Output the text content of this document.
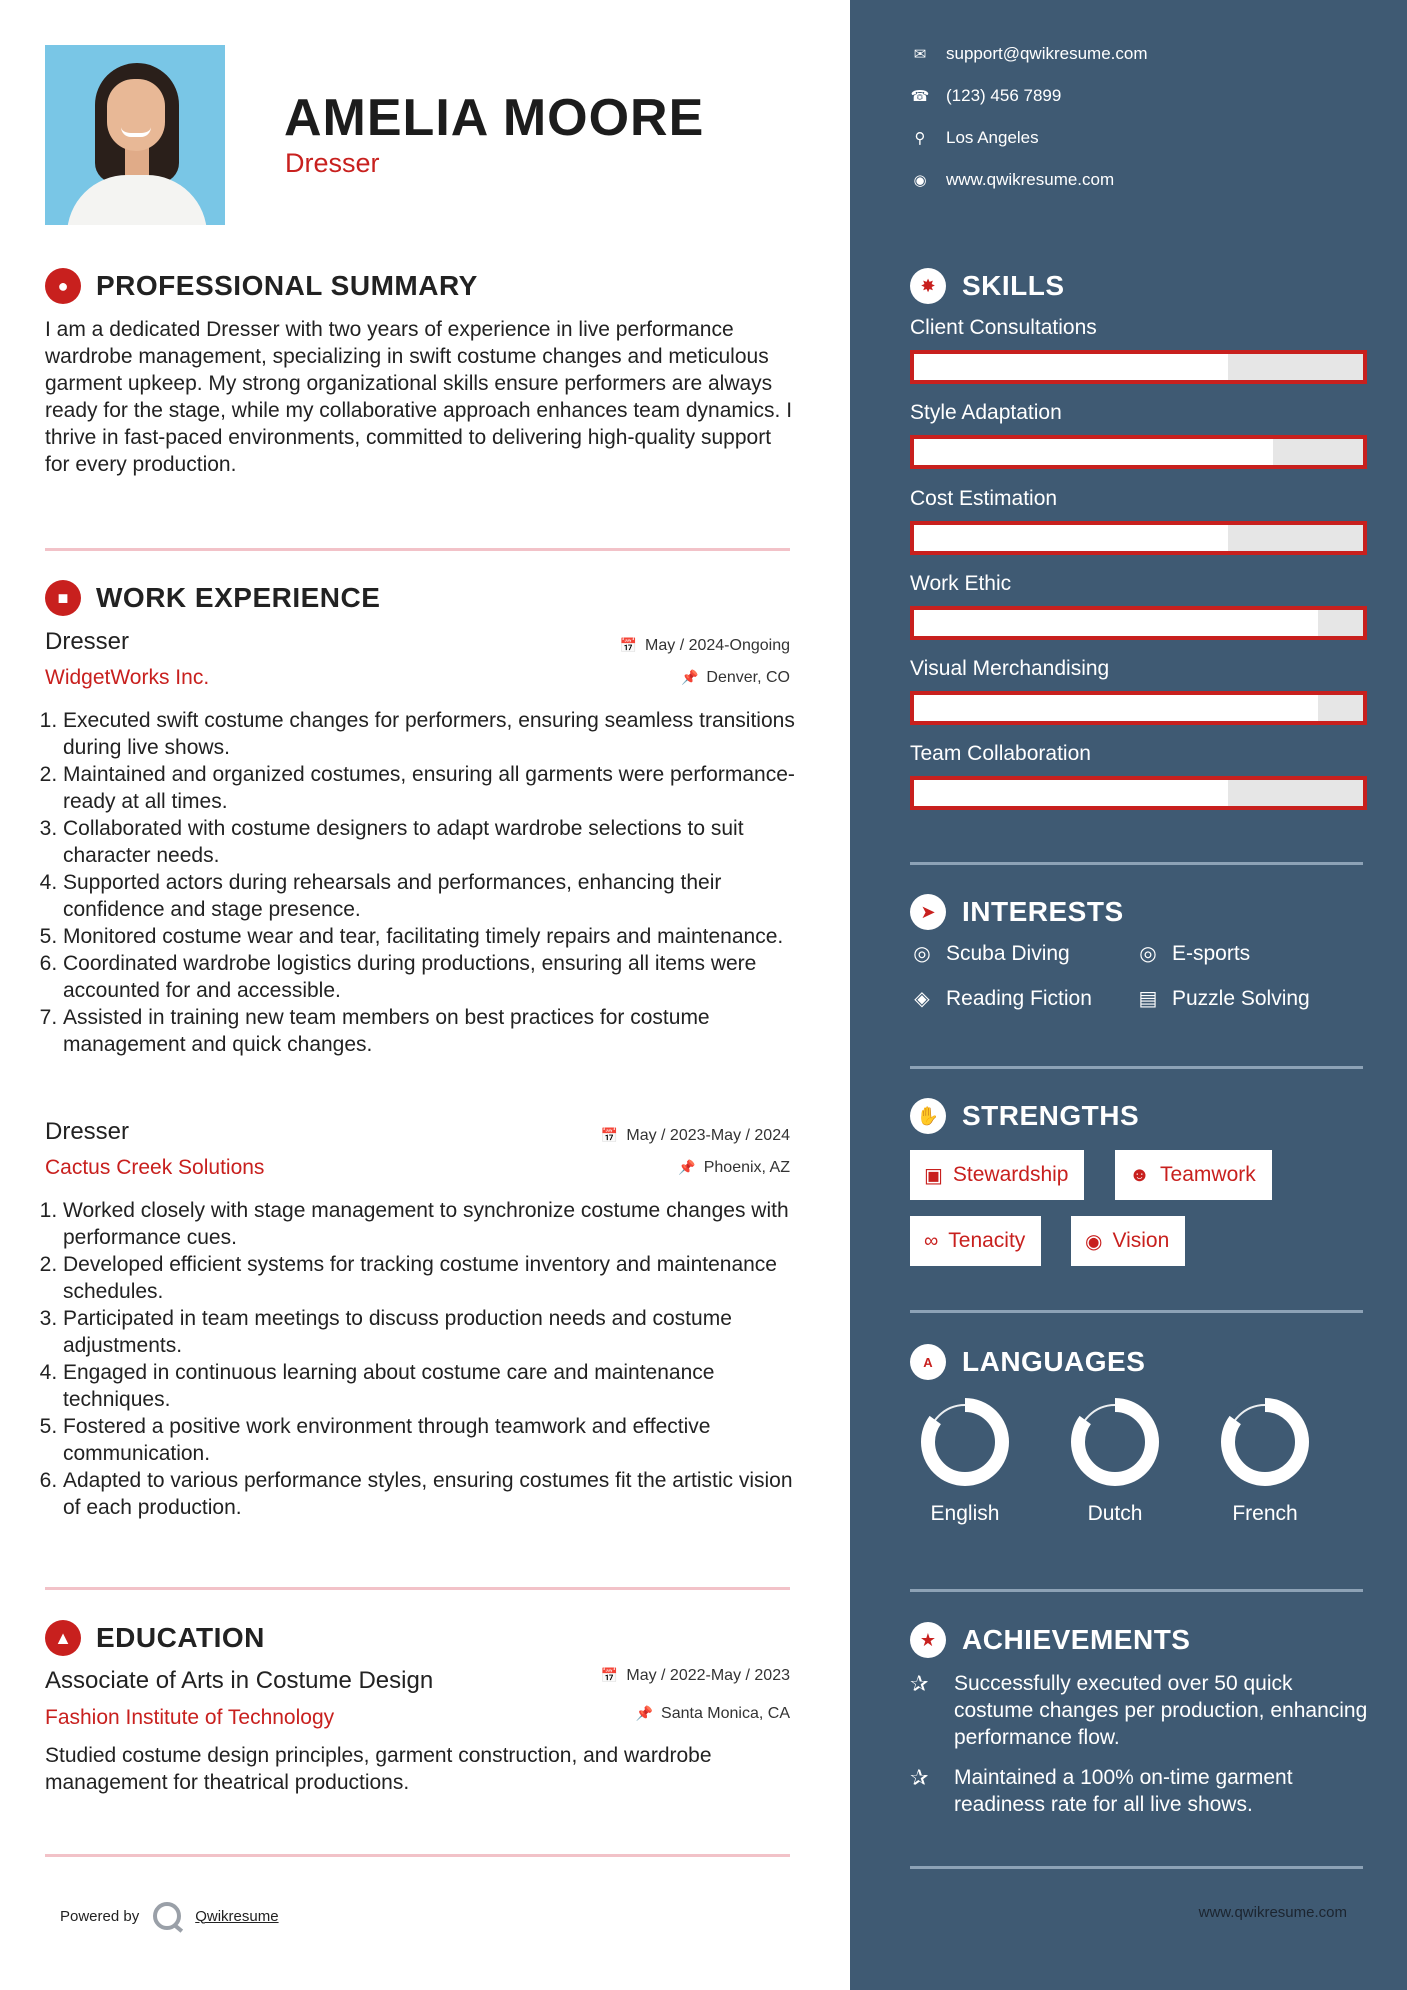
AMELIA MOORE
Dresser
● PROFESSIONAL SUMMARY
I am a dedicated Dresser with two years of experience in live performance wardrobe management, specializing in swift costume changes and meticulous garment upkeep. My strong organizational skills ensure performers are always ready for the stage, while my collaborative approach enhances team dynamics. I thrive in fast-paced environments, committed to delivering high-quality support for every production.
■ WORK EXPERIENCE
Dresser	📅 May / 2024-Ongoing
WidgetWorks Inc.	📌 Denver, CO
1. Executed swift costume changes for performers, ensuring seamless transitions during live shows.
2. Maintained and organized costumes, ensuring all garments were performance-ready at all times.
3. Collaborated with costume designers to adapt wardrobe selections to suit character needs.
4. Supported actors during rehearsals and performances, enhancing their confidence and stage presence.
5. Monitored costume wear and tear, facilitating timely repairs and maintenance.
6. Coordinated wardrobe logistics during productions, ensuring all items were accounted for and accessible.
7. Assisted in training new team members on best practices for costume management and quick changes.
Dresser	📅 May / 2023-May / 2024
Cactus Creek Solutions	📌 Phoenix, AZ
1. Worked closely with stage management to synchronize costume changes with performance cues.
2. Developed efficient systems for tracking costume inventory and maintenance schedules.
3. Participated in team meetings to discuss production needs and costume adjustments.
4. Engaged in continuous learning about costume care and maintenance techniques.
5. Fostered a positive work environment through teamwork and effective communication.
6. Adapted to various performance styles, ensuring costumes fit the artistic vision of each production.
▲ EDUCATION
Associate of Arts in Costume Design	📅 May / 2022-May / 2023
Fashion Institute of Technology	📌 Santa Monica, CA
Studied costume design principles, garment construction, and wardrobe management for theatrical productions.
Powered by	Qwikresume
✉ support@qwikresume.com
☎ (123) 456 7899
⚲ Los Angeles
◉ www.qwikresume.com
✸ SKILLS
Client Consultations
Style Adaptation
Cost Estimation
Work Ethic
Visual Merchandising
Team Collaboration
➤ INTERESTS
◎ Scuba Diving	◎ E-sports
◈ Reading Fiction ▤ Puzzle Solving
✋ STRENGTHS
▣ Stewardship	☻ Teamwork
∞ Tenacity	◉ Vision
A	LANGUAGES
English	Dutch	French
★ ACHIEVEMENTS
✰	Successfully executed over 50 quick costume changes per production, enhancing performance flow.
✰	Maintained a 100% on-time garment readiness rate for all live shows.
www.qwikresume.com
